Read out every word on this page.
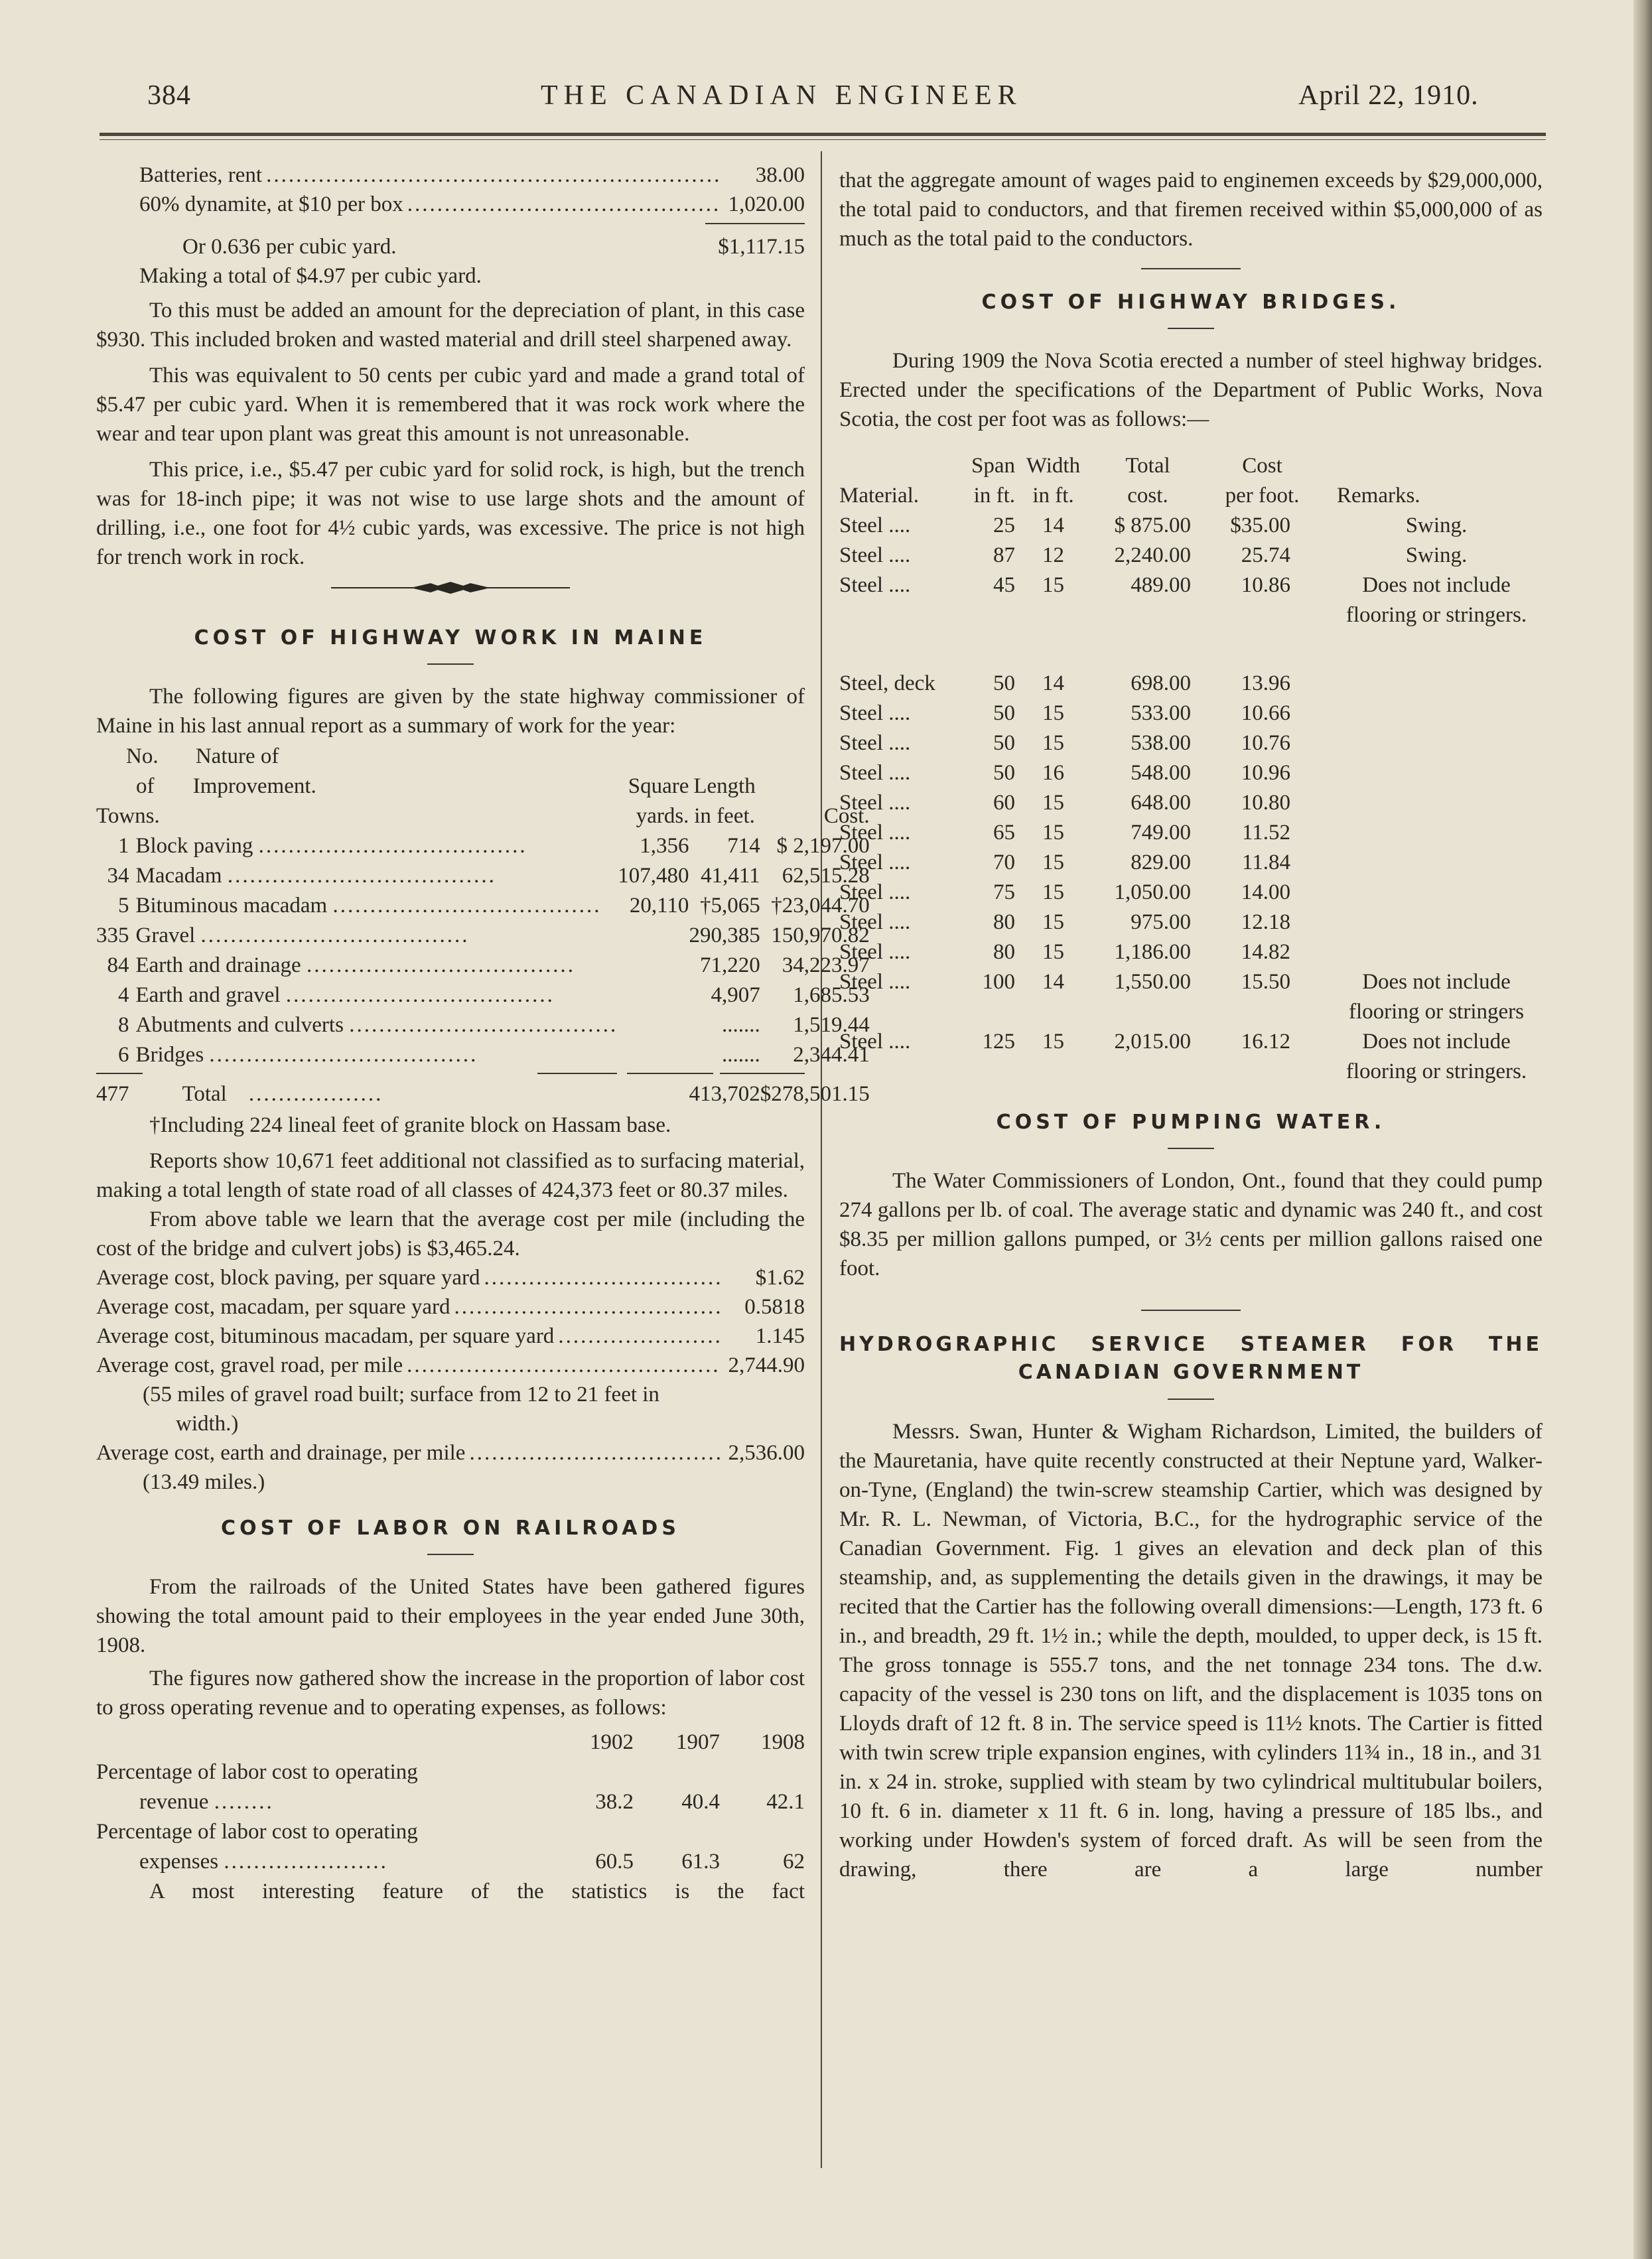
384	THE CANADIAN ENGINEER	April 22, 1910.
Batteries, rent .....	38.00
60% dynamite, at $10 per box .....	1,020.00
Or 0.636 per cubic yard.	$1,117.15
Making a total of $4.97 per cubic yard.

To this must be added an amount for the depreciation of plant, in this case $930. This included broken and wasted material and drill steel sharpened away.

This was equivalent to 50 cents per cubic yard and made a grand total of $5.47 per cubic yard. When it is remembered that it was rock work where the wear and tear upon plant was great this amount is not unreasonable.

This price, i.e., $5.47 per cubic yard for solid rock, is high, but the trench was for 18-inch pipe; it was not wise to use large shots and the amount of drilling, i.e., one foot for 4½ cubic yards, was excessive. The price is not high for trench work in rock.

COST OF HIGHWAY WORK IN MAINE

The following figures are given by the state highway commissioner of Maine in his last annual report as a summary of work for the year:

No. Nature of				
of Improvement.		Square	Length	
Towns.		yards.	in feet.	Cost.
1	Block paving ....................................	1,356	714	$ 2,197.00
34	Macadam ....................................	107,480	41,411	62,515.28
5	Bituminous macadam ....................................	20,110	†5,065	†23,044.70
335	Gravel ....................................		290,385	150,970.82
84	Earth and drainage ....................................		71,220	34,223.97
4	Earth and gravel ....................................		4,907	1,685.53
8	Abutments and culverts ....................................		.......	1,519.44
6	Bridges ....................................		.......	2,344.41

477	Total ..................		413,702	$278,501.15

†Including 224 lineal feet of granite block on Hassam base.

Reports show 10,671 feet additional not classified as to surfacing material, making a total length of state road of all classes of 424,373 feet or 80.37 miles.

From above table we learn that the average cost per mile (including the cost of the bridge and culvert jobs) is $3,465.24.

Average cost, block paving, per square yard .....	$1.62
Average cost, macadam, per square yard .....	0.5818
Average cost, bituminous macadam, per square yard .....	1.145
Average cost, gravel road, per mile .....	2,744.90
(55 miles of gravel road built; surface from 12 to 21 feet in width.)
Average cost, earth and drainage, per mile .....	2,536.00
(13.49 miles.)
COST OF LABOR ON RAILROADS

From the railroads of the United States have been gathered figures showing the total amount paid to their employees in the year ended June 30th, 1908.

The figures now gathered show the increase in the proportion of labor cost to gross operating revenue and to operating expenses, as follows:

	1902	1907	1908
Percentage of labor cost to operating			
revenue ........	38.2	40.4	42.1
Percentage of labor cost to operating			
expenses ......................	60.5	61.3	62

A most interesting feature of the statistics is the fact

that the aggregate amount of wages paid to enginemen exceeds by $29,000,000, the total paid to conductors, and that firemen received within $5,000,000 of as much as the total paid to the conductors.

COST OF HIGHWAY BRIDGES.

During 1909 the Nova Scotia erected a number of steel highway bridges. Erected under the specifications of the Department of Public Works, Nova Scotia, the cost per foot was as follows:—

	Span	Width	Total	Cost	
Material.	in ft.	in ft.	cost.	per foot.	Remarks.
Steel ....	25	14	$ 875.00	$35.00	Swing.
Steel ....	87	12	2,240.00	25.74	Swing.
Steel ....	45	15	489.00	10.86	Does not include flooring or stringers.
Steel, deck	50	14	698.00	13.96	
Steel ....	50	15	533.00	10.66	
Steel ....	50	15	538.00	10.76	
Steel ....	50	16	548.00	10.96	
Steel ....	60	15	648.00	10.80	
Steel ....	65	15	749.00	11.52	
Steel ....	70	15	829.00	11.84	
Steel ....	75	15	1,050.00	14.00	
Steel ....	80	15	975.00	12.18	
Steel ....	80	15	1,186.00	14.82	
Steel ....	100	14	1,550.00	15.50	Does not include flooring or stringers
Steel ....	125	15	2,015.00	16.12	Does not include flooring or stringers.
COST OF PUMPING WATER.

The Water Commissioners of London, Ont., found that they could pump 274 gallons per lb. of coal. The average static and dynamic was 240 ft., and cost $8.35 per million gallons pumped, or 3½ cents per million gallons raised one foot.

HYDROGRAPHIC SERVICE STEAMER FOR THE
CANADIAN GOVERNMENT

Messrs. Swan, Hunter & Wigham Richardson, Limited, the builders of the Mauretania, have quite recently constructed at their Neptune yard, Walker-on-Tyne, (England) the twin-screw steamship Cartier, which was designed by Mr. R. L. Newman, of Victoria, B.C., for the hydrographic service of the Canadian Government. Fig. 1 gives an elevation and deck plan of this steamship, and, as supplementing the details given in the drawings, it may be recited that the Cartier has the following overall dimensions:—Length, 173 ft. 6 in., and breadth, 29 ft. 1½ in.; while the depth, moulded, to upper deck, is 15 ft. The gross tonnage is 555.7 tons, and the net tonnage 234 tons. The d.w. capacity of the vessel is 230 tons on lift, and the displacement is 1035 tons on Lloyds draft of 12 ft. 8 in. The service speed is 11½ knots. The Cartier is fitted with twin screw triple expansion engines, with cylinders 11¾ in., 18 in., and 31 in. x 24 in. stroke, supplied with steam by two cylindrical multitubular boilers, 10 ft. 6 in. diameter x 11 ft. 6 in. long, having a pressure of 185 lbs., and working under Howden's system of forced draft. As will be seen from the drawing, there are a large number
